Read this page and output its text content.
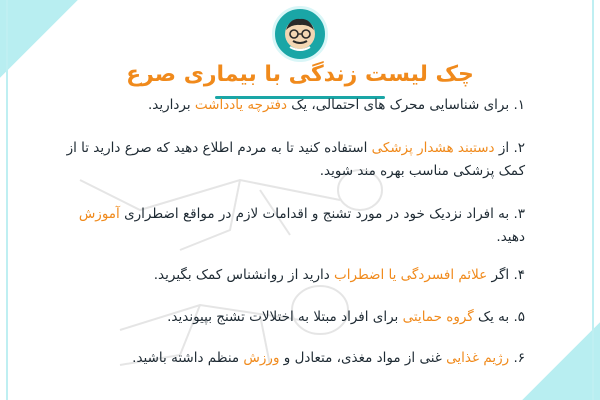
چک لیست زندگی با بیماری صرع
۱. برای شناسایی محرک های احتمالی، یک دفترچه یادداشت بردارید.
۲. از دستبند هشدار پزشکی استفاده کنید تا به مردم اطلاع دهید که صرع دارید تا از کمک پزشکی مناسب بهره مند شوید.
۳. به افراد نزدیک خود در مورد تشنج و اقدامات لازم در مواقع اضطراری آموزش دهید.
۴. اگر علائم افسردگی یا اضطراب دارید از روانشناس کمک بگیرید.
۵. به یک گروه حمایتی برای افراد مبتلا به اختلالات تشنج بپیوندید.
۶. رژیم غذایی غنی از مواد مغذی، متعادل و ورزش منظم داشته باشید.
